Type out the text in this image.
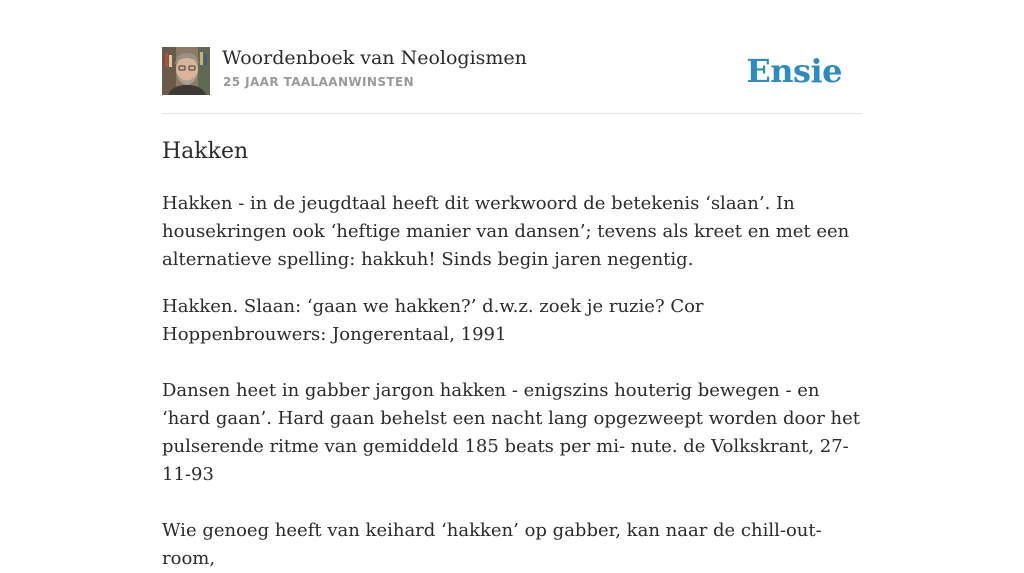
Woordenboek van Neologismen
25 JAAR TAALAANWINSTEN	Ensie
Hakken

Hakken - in de jeugdtaal heeft dit werkwoord de betekenis ‘slaan’. In housekringen ook ‘heftige manier van dansen’; tevens als kreet en met een alternatieve spelling: hakkuh! Sinds begin jaren negentig.

Hakken. Slaan: ‘gaan we hakken?’ d.w.z. zoek je ruzie? Cor Hoppenbrouwers: Jongerentaal, 1991

Dansen heet in gabber jargon hakken - enigszins houterig bewegen - en ‘hard gaan’. Hard gaan behelst een nacht lang opgezweept worden door het pulserende ritme van gemiddeld 185 beats per mi- nute. de Volkskrant, 27-11-93

Wie genoeg heeft van keihard ‘hakken’ op gabber, kan naar de chill-out-room,
